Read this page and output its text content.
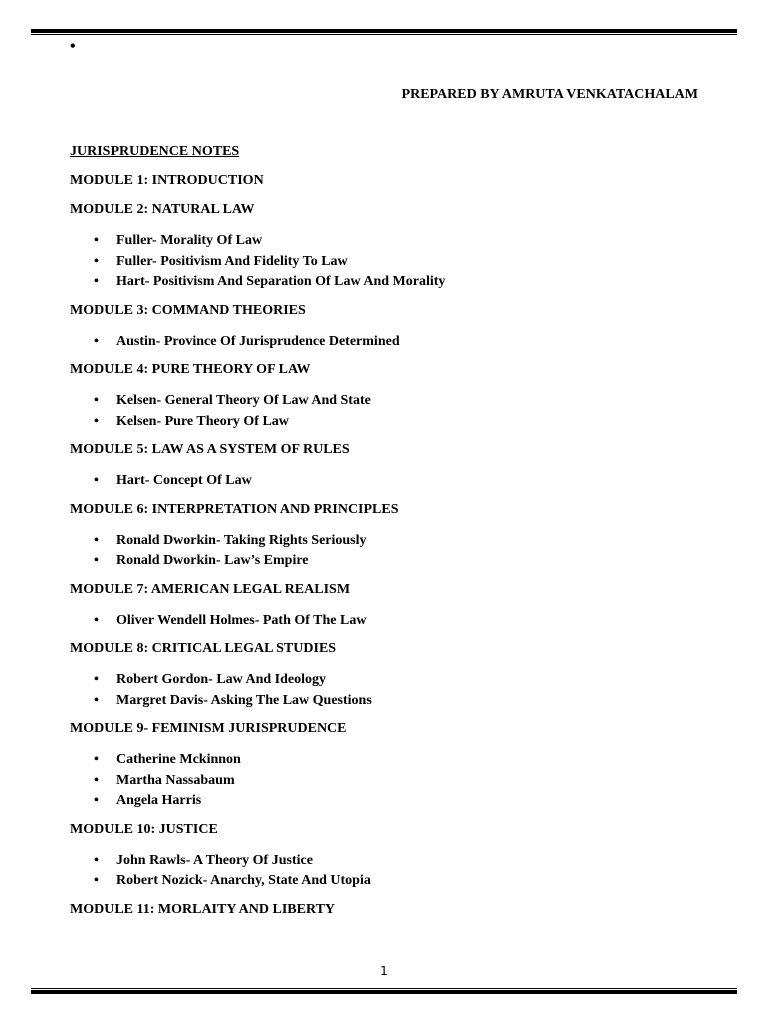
•
PREPARED BY AMRUTA VENKATACHALAM
JURISPRUDENCE NOTES
MODULE 1: INTRODUCTION
MODULE 2: NATURAL LAW
• Fuller- Morality Of Law
• Fuller- Positivism And Fidelity To Law
• Hart- Positivism And Separation Of Law And Morality
MODULE 3: COMMAND THEORIES
• Austin- Province Of Jurisprudence Determined
MODULE 4: PURE THEORY OF LAW
• Kelsen- General Theory Of Law And State
• Kelsen- Pure Theory Of Law
MODULE 5: LAW AS A SYSTEM OF RULES
• Hart- Concept Of Law
MODULE 6: INTERPRETATION AND PRINCIPLES
• Ronald Dworkin- Taking Rights Seriously
• Ronald Dworkin- Law’s Empire
MODULE 7: AMERICAN LEGAL REALISM
• Oliver Wendell Holmes- Path Of The Law
MODULE 8: CRITICAL LEGAL STUDIES
• Robert Gordon- Law And Ideology
• Margret Davis- Asking The Law Questions
MODULE 9- FEMINISM JURISPRUDENCE
• Catherine Mckinnon
• Martha Nassabaum
• Angela Harris
MODULE 10: JUSTICE
• John Rawls- A Theory Of Justice
• Robert Nozick- Anarchy, State And Utopia
MODULE 11: MORLAITY AND LIBERTY
1
